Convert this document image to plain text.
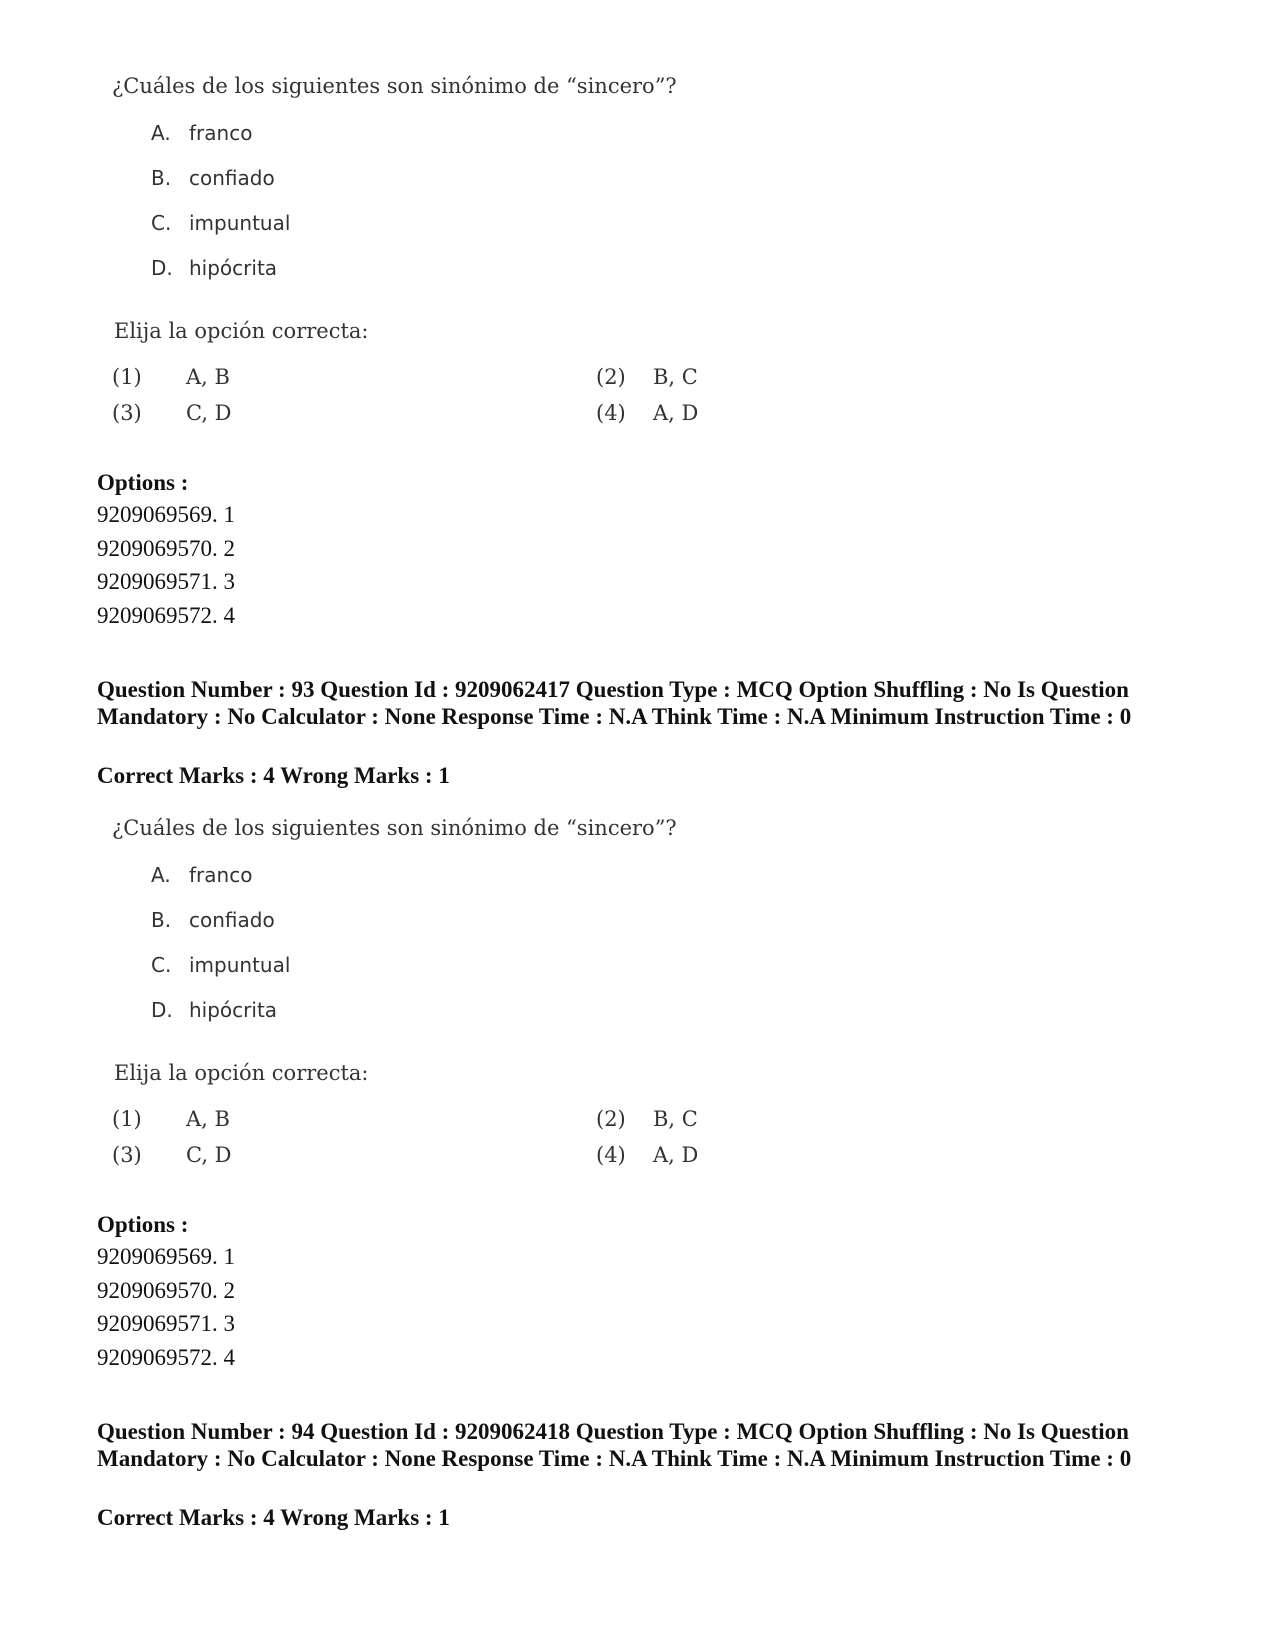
¿Cuáles de los siguientes son sinónimo de “sincero”?
A. franco
B. confiado
C. impuntual
D. hipócrita
Elija la opción correcta:
(1) A, B	(2) B, C
(3) C, D	(4) A, D
Options :
9209069569. 1
9209069570. 2
9209069571. 3
9209069572. 4
Question Number : 93 Question Id : 9209062417 Question Type : MCQ Option Shuffling : No Is Question Mandatory : No Calculator : None Response Time : N.A Think Time : N.A Minimum Instruction Time : 0
Correct Marks : 4 Wrong Marks : 1
¿Cuáles de los siguientes son sinónimo de “sincero”?
A. franco
B. confiado
C. impuntual
D. hipócrita
Elija la opción correcta:
(1) A, B	(2) B, C
(3) C, D	(4) A, D
Options :
9209069569. 1
9209069570. 2
9209069571. 3
9209069572. 4
Question Number : 94 Question Id : 9209062418 Question Type : MCQ Option Shuffling : No Is Question Mandatory : No Calculator : None Response Time : N.A Think Time : N.A Minimum Instruction Time : 0
Correct Marks : 4 Wrong Marks : 1
